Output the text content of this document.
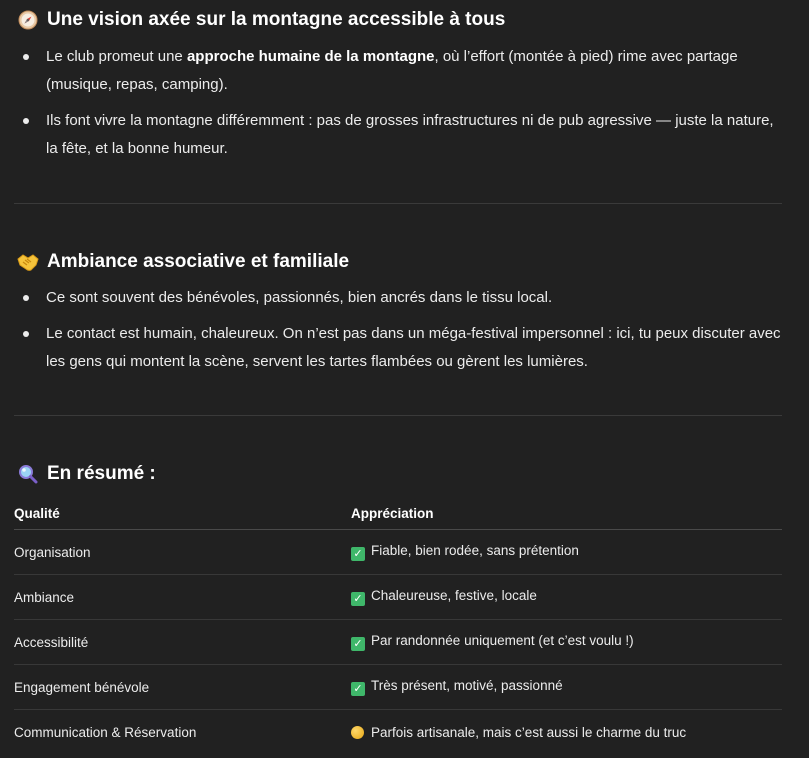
Une vision axée sur la montagne accessible à tous
Le club promeut une approche humaine de la montagne, où l’effort (montée à pied) rime avec partage (musique, repas, camping).
Ils font vivre la montagne différemment : pas de grosses infrastructures ni de pub agressive — juste la nature, la fête, et la bonne humeur.
Ambiance associative et familiale
Ce sont souvent des bénévoles, passionnés, bien ancrés dans le tissu local.
Le contact est humain, chaleureux. On n’est pas dans un méga-festival impersonnel : ici, tu peux discuter avec les gens qui montent la scène, servent les tartes flambées ou gèrent les lumières.
En résumé :
Qualité	Appréciation
Organisation	✓ Fiable, bien rodée, sans prétention
Ambiance	✓ Chaleureuse, festive, locale
Accessibilité	✓ Par randonnée uniquement (et c’est voulu !)
Engagement bénévole	✓ Très présent, motivé, passionné
Communication & Réservation	Parfois artisanale, mais c’est aussi le charme du truc
